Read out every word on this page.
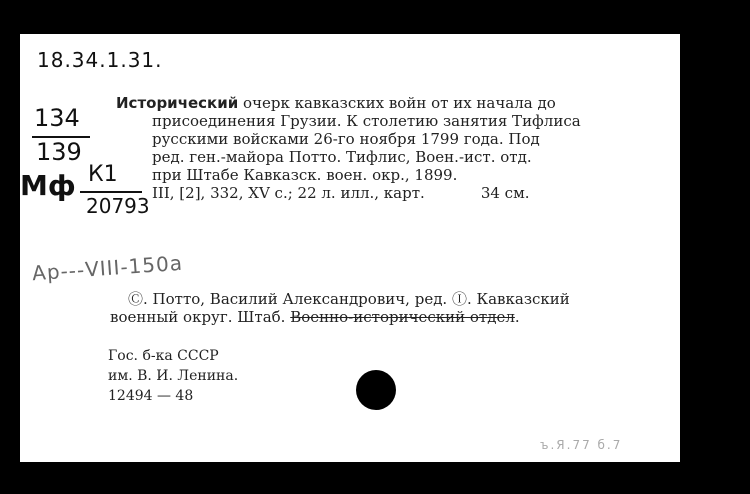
18.34.1.31.
134
139
Мф К1
20793
Ар---VIII-150а
Исторический очерк кавказских войн от их начала до
присоединения Грузии. К столетию занятия Тифлиса
русскими войсками 26-го ноября 1799 года. Под
ред. ген.-майора Потто. Тифлис, Воен.-ист. отд.
при Штабе Кавказск. воен. окр., 1899.
III, [2], 332, XV с.; 22 л. илл., карт.	34 см.
Ⓒ. Потто, Василий Александрович, ред. Ⓘ. Кавказский
военный округ. Штаб. Военно-исторический отдел.
Гос. б-ка СССР
им. В. И. Ленина.
12494 — 48
ъ.Я.77 б.7
